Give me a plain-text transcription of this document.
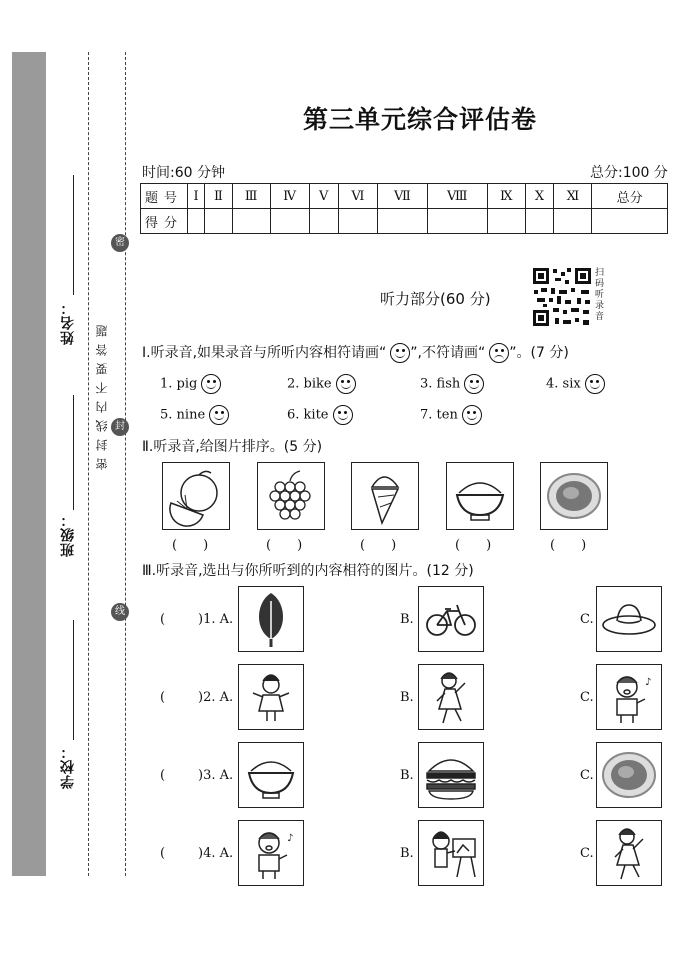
姓名：
班级：
学校：
密
封
线
密封线内不要答题
第三单元综合评估卷
时间:60 分钟	总分:100 分
题号	Ⅰ	Ⅱ	Ⅲ	Ⅳ	Ⅴ	Ⅵ	Ⅶ	Ⅷ	Ⅸ	Ⅹ	Ⅺ	总分
得分												
听力部分(60 分)
扫码听录音
Ⅰ.听录音,如果录音与所听内容相符请画“ ”,不符请画“ ”。(7 分)
1. pig	2. bike	3. fish	4. six
5. nine	6. kite	7. ten
Ⅱ.听录音,给图片排序。(5 分)
(　　)	(　　)	(　　)	(　　)	(　　)
Ⅲ.听录音,选出与你所听到的内容相符的图片。(12 分)
(	)1. A.	B.	C.
(	)2. A.	B.	C.
♪
(	)3. A.	B.	C.
(	)4. A.
♪
B.	C.
